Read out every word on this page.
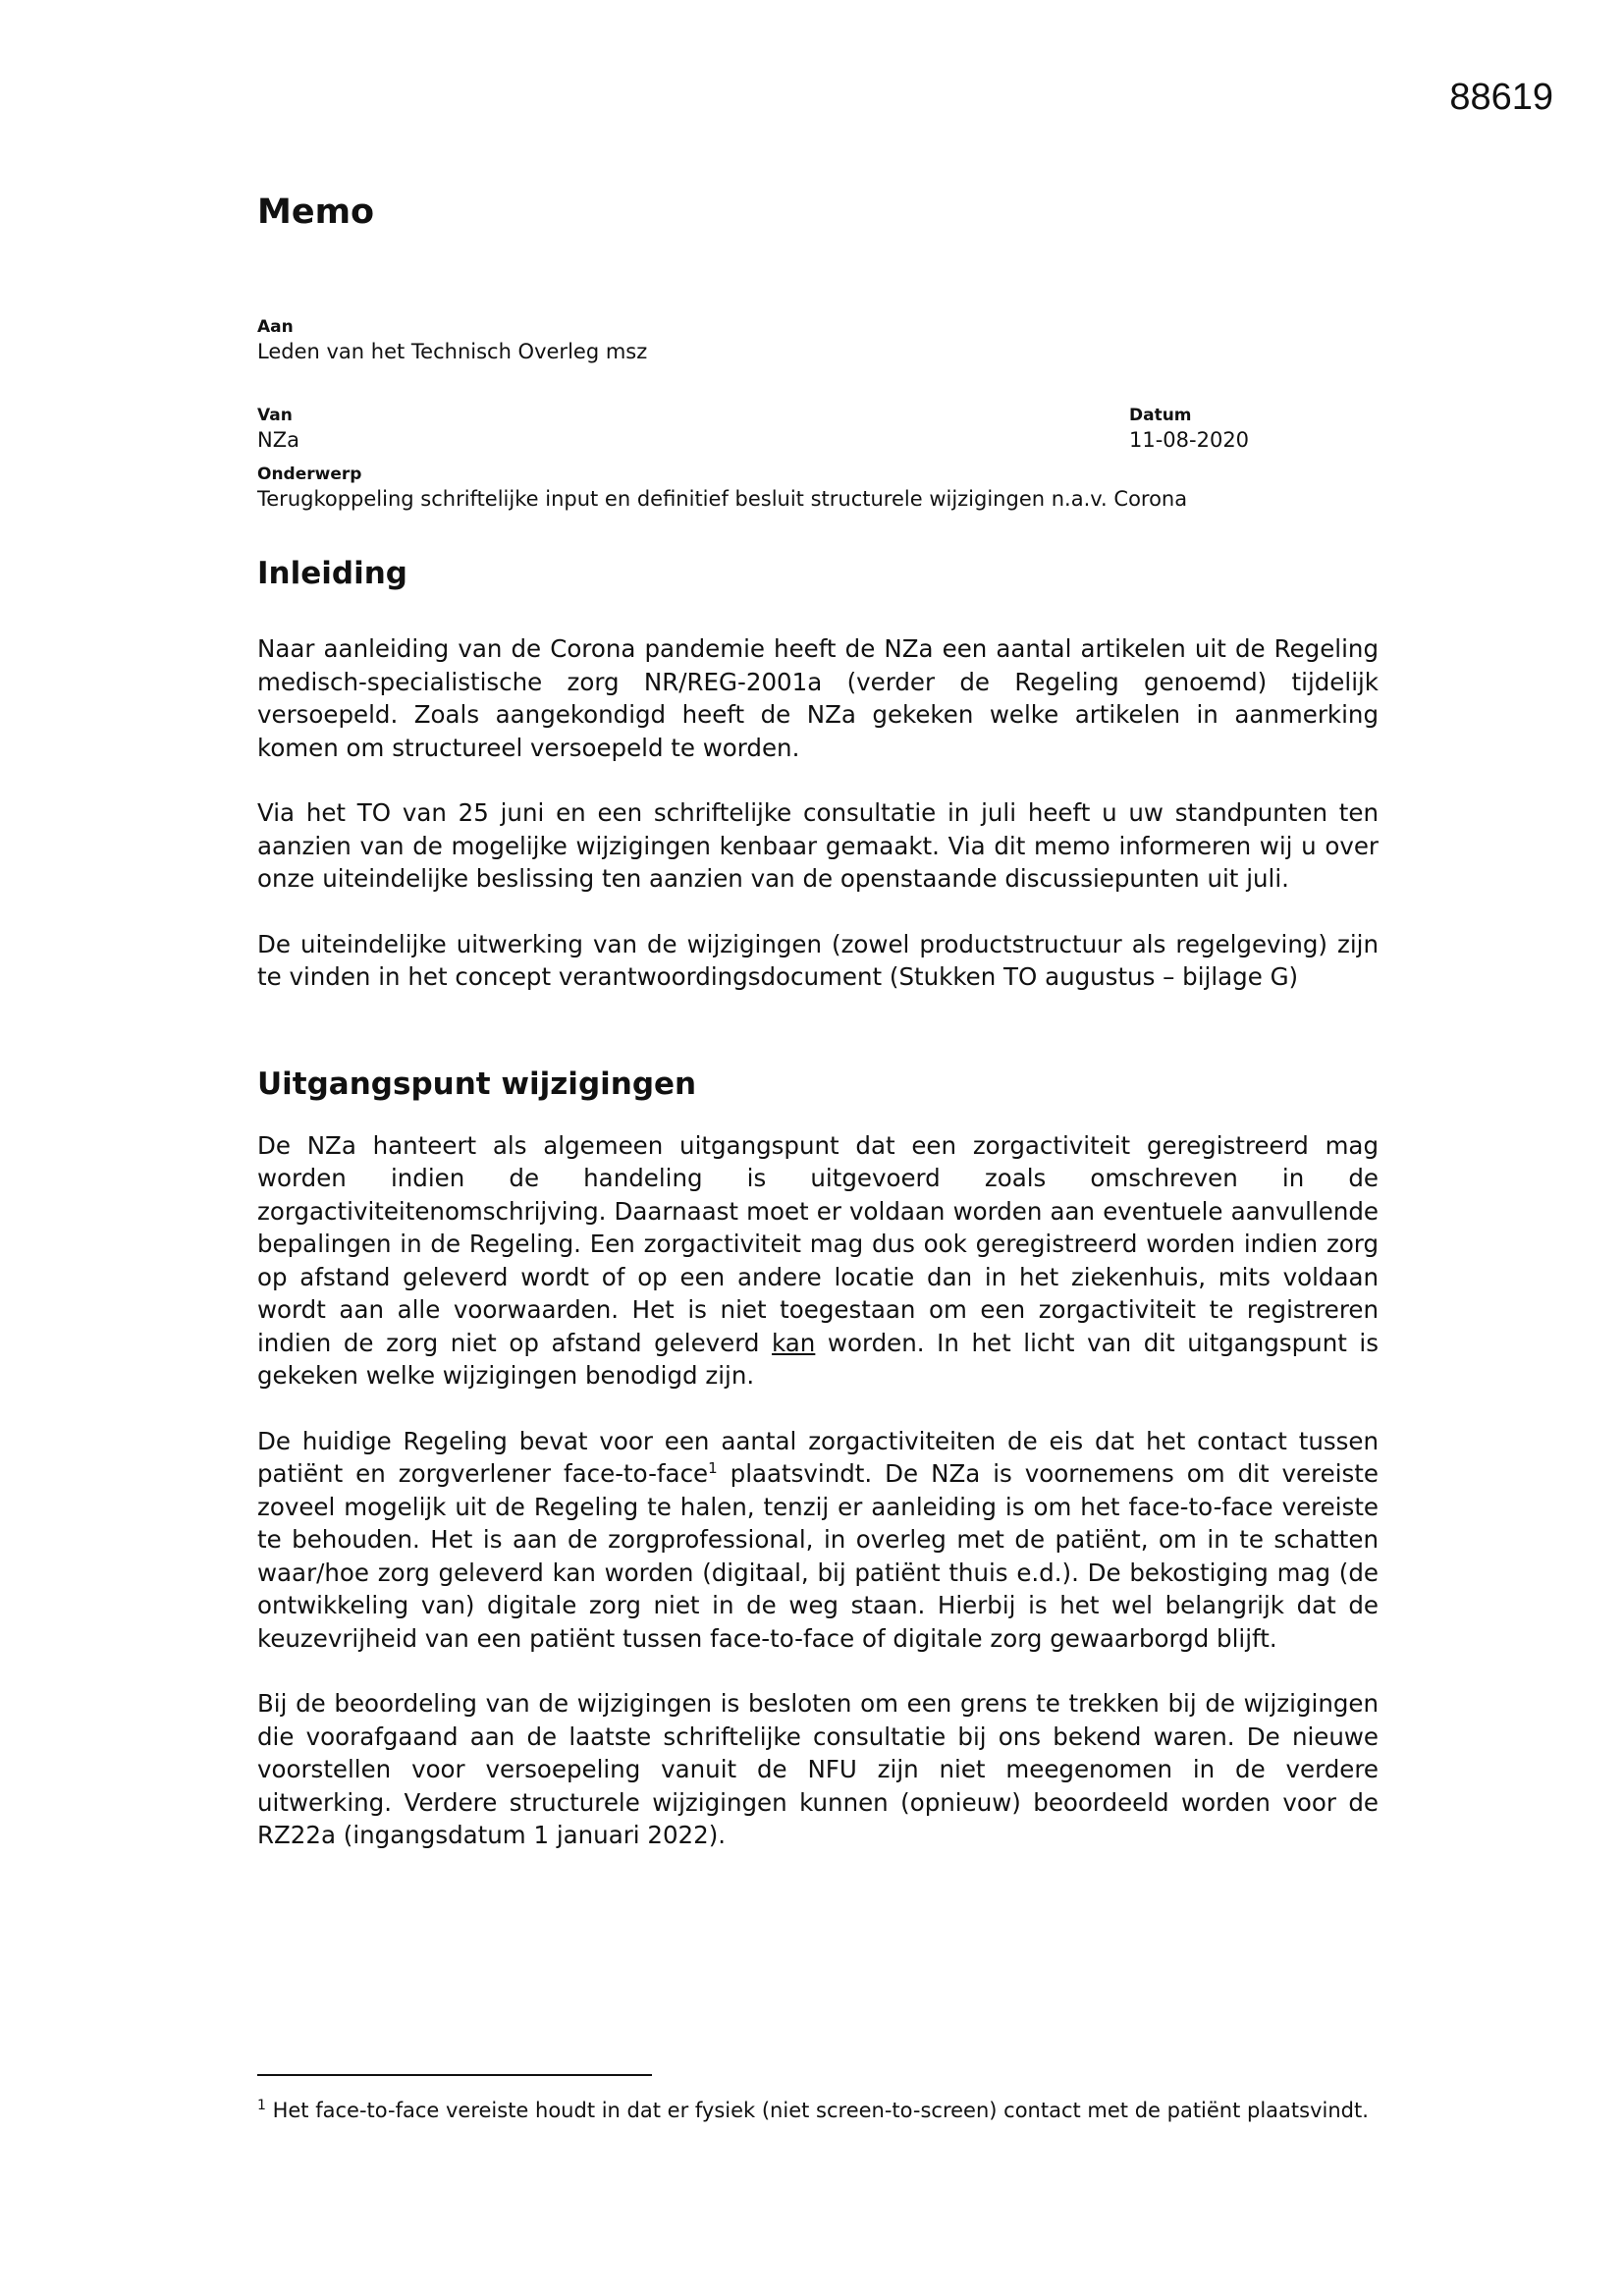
88619
Memo
Aan
Leden van het Technisch Overleg msz
Van
NZa
Datum
11-08-2020
Onderwerp
Terugkoppeling schriftelijke input en definitief besluit structurele wijzigingen n.a.v. Corona
Inleiding

Naar aanleiding van de Corona pandemie heeft de NZa een aantal artikelen uit de Regeling medisch-specialistische zorg NR/REG-2001a (verder de Regeling genoemd) tijdelijk versoepeld. Zoals aangekondigd heeft de NZa gekeken welke artikelen in aanmerking komen om structureel versoepeld te worden.

Via het TO van 25 juni en een schriftelijke consultatie in juli heeft u uw standpunten ten aanzien van de mogelijke wijzigingen kenbaar gemaakt. Via dit memo informeren wij u over onze uiteindelijke beslissing ten aanzien van de openstaande discussiepunten uit juli.

De uiteindelijke uitwerking van de wijzigingen (zowel productstructuur als regelgeving) zijn te vinden in het concept verantwoordingsdocument (Stukken TO augustus – bijlage G)

Uitgangspunt wijzigingen

De NZa hanteert als algemeen uitgangspunt dat een zorgactiviteit geregistreerd mag worden indien de handeling is uitgevoerd zoals omschreven in de zorgactiviteitenomschrijving. Daarnaast moet er voldaan worden aan eventuele aanvullende bepalingen in de Regeling. Een zorgactiviteit mag dus ook geregistreerd worden indien zorg op afstand geleverd wordt of op een andere locatie dan in het ziekenhuis, mits voldaan wordt aan alle voorwaarden. Het is niet toegestaan om een zorgactiviteit te registreren indien de zorg niet op afstand geleverd kan worden. In het licht van dit uitgangspunt is gekeken welke wijzigingen benodigd zijn.

De huidige Regeling bevat voor een aantal zorgactiviteiten de eis dat het contact tussen patiënt en zorgverlener face-to-face$^1$ plaatsvindt. De NZa is voornemens om dit vereiste zoveel mogelijk uit de Regeling te halen, tenzij er aanleiding is om het face-to-face vereiste te behouden. Het is aan de zorgprofessional, in overleg met de patiënt, om in te schatten waar/hoe zorg geleverd kan worden (digitaal, bij patiënt thuis e.d.). De bekostiging mag (de ontwikkeling van) digitale zorg niet in de weg staan. Hierbij is het wel belangrijk dat de keuzevrijheid van een patiënt tussen face-to-face of digitale zorg gewaarborgd blijft.

Bij de beoordeling van de wijzigingen is besloten om een grens te trekken bij de wijzigingen die voorafgaand aan de laatste schriftelijke consultatie bij ons bekend waren. De nieuwe voorstellen voor versoepeling vanuit de NFU zijn niet meegenomen in de verdere uitwerking. Verdere structurele wijzigingen kunnen (opnieuw) beoordeeld worden voor de RZ22a (ingangsdatum 1 januari 2022).

$^1$ Het face-to-face vereiste houdt in dat er fysiek (niet screen-to-screen) contact met de patiënt plaatsvindt.
